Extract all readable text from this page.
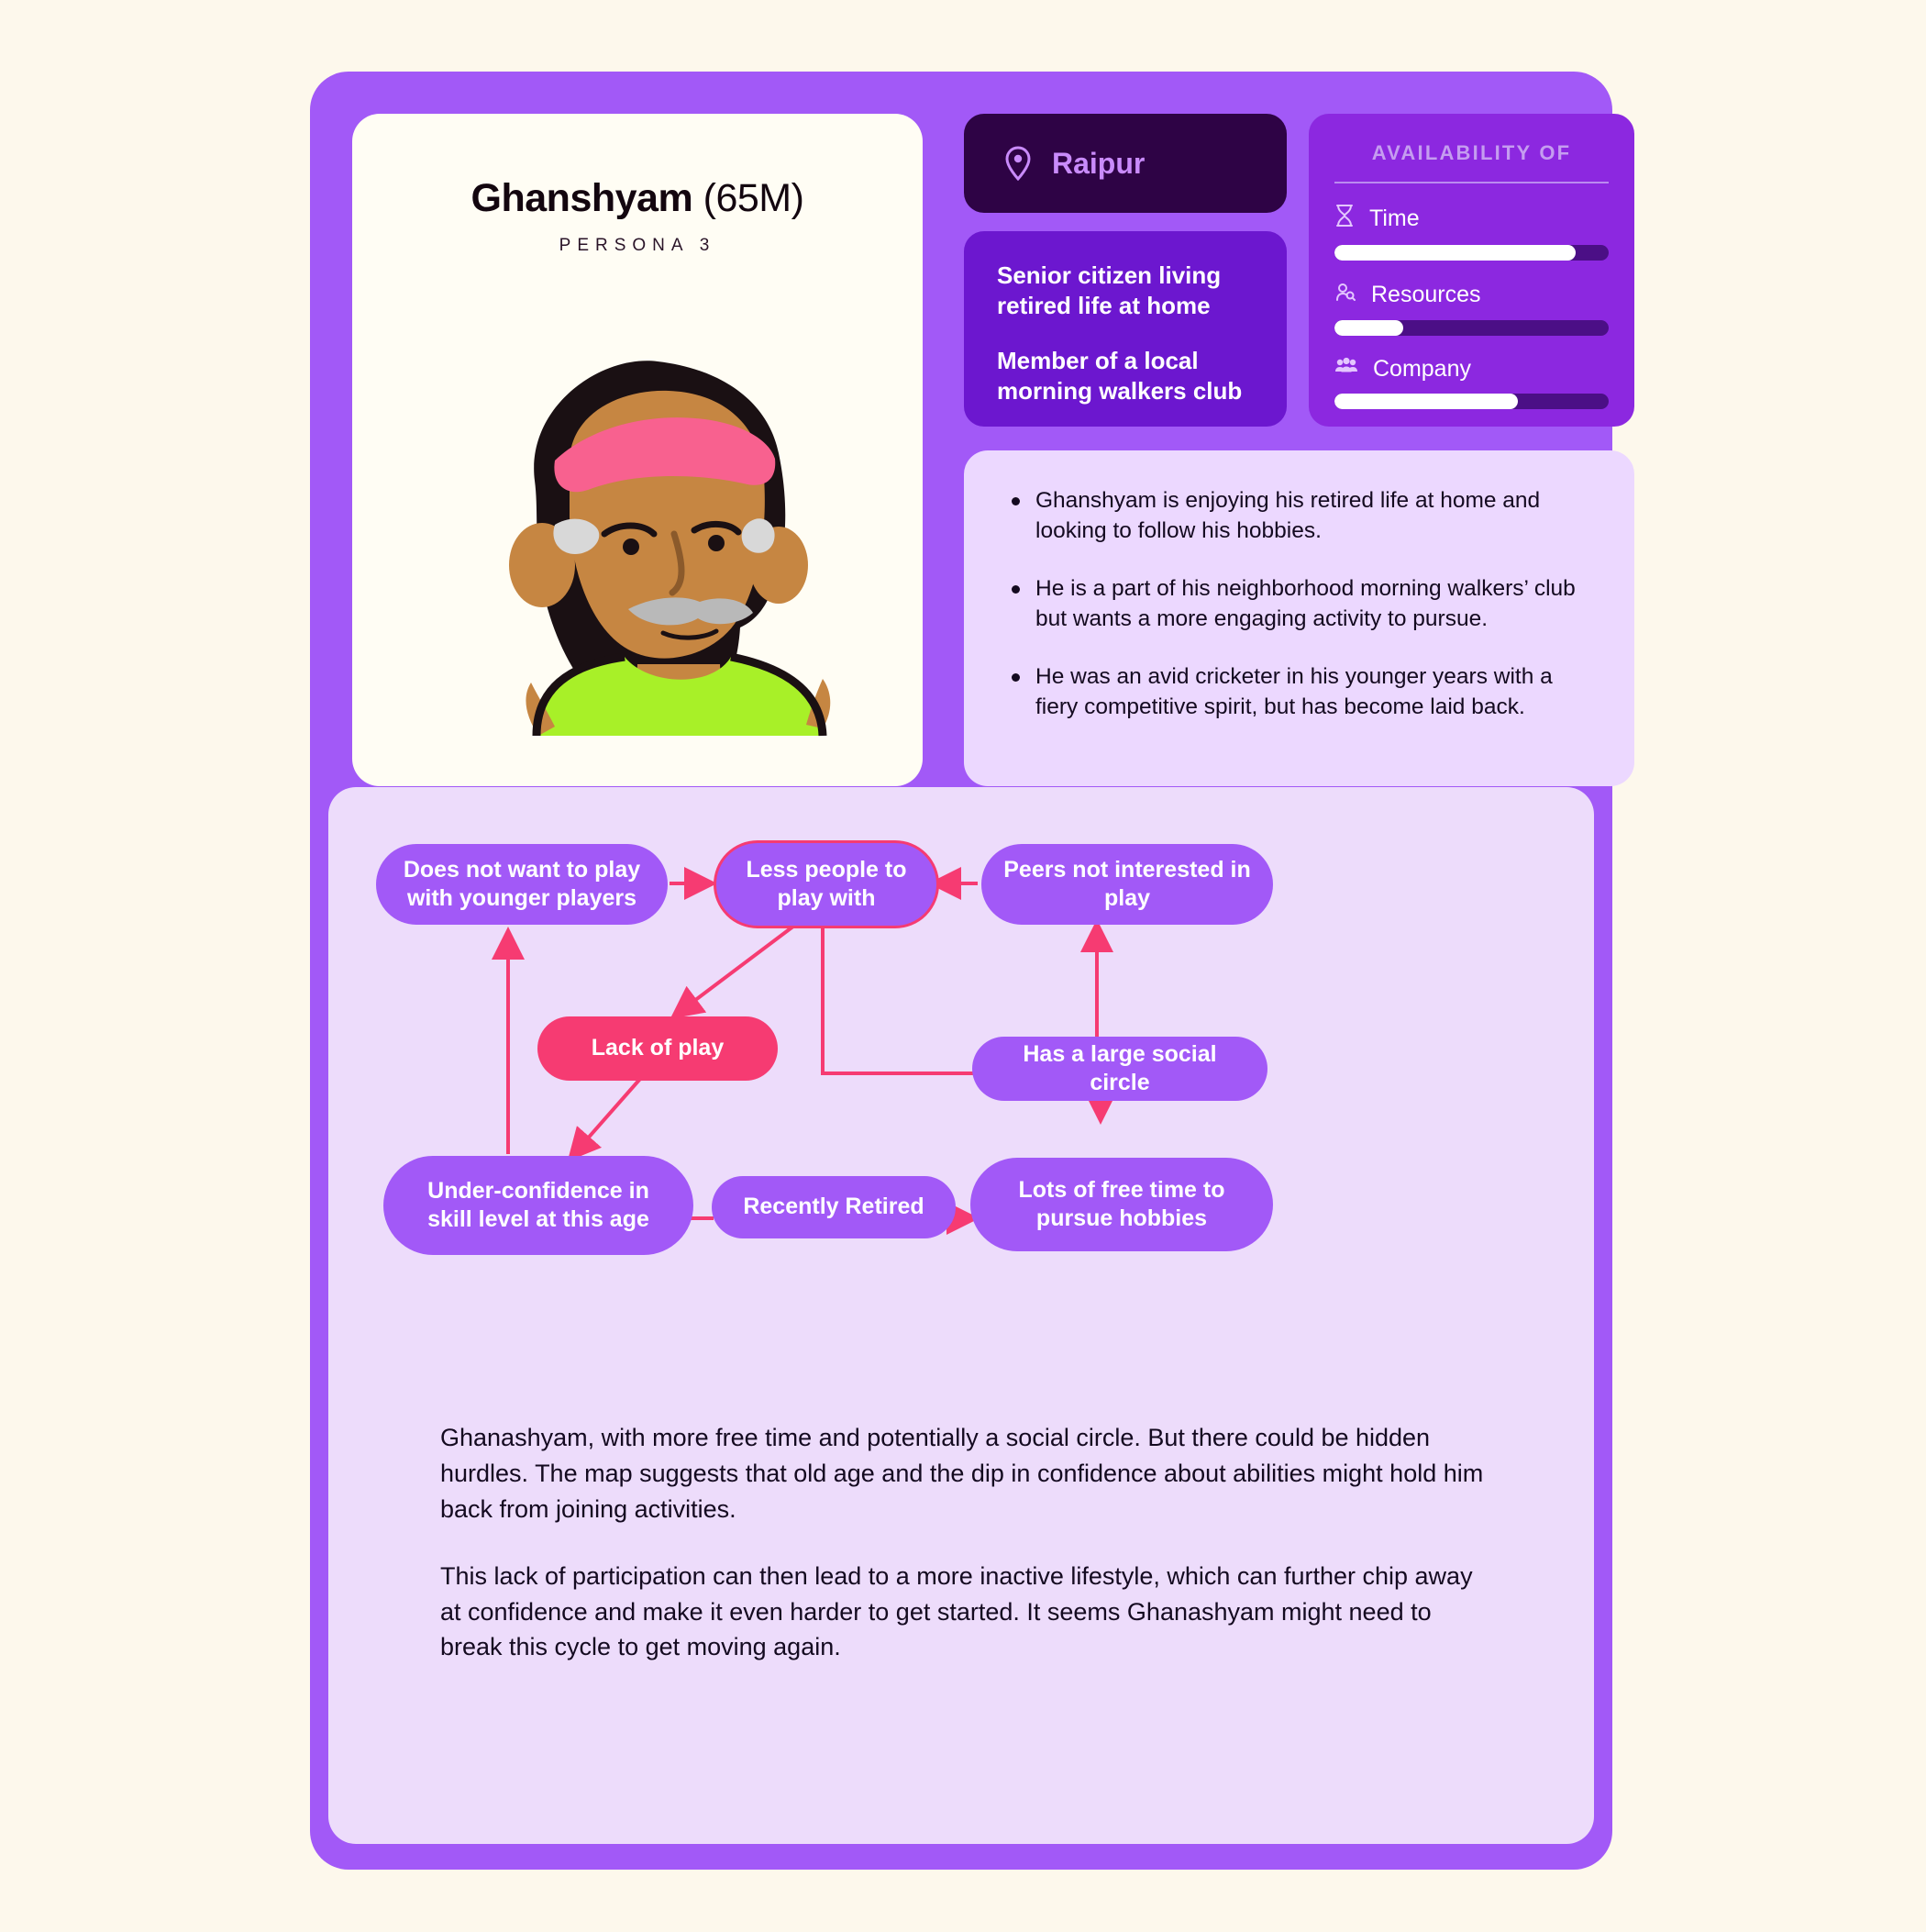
Ghanshyam (65M)
PERSONA 3
Raipur
Senior citizen living retired life at home
Member of a local morning walkers club
AVAILABILITY OF
Time
Resources
Company
Ghanshyam is enjoying his retired life at home and looking to follow his hobbies.
He is a part of his neighborhood morning walkers’ club but wants a more engaging activity to pursue.
He was an avid cricketer in his younger years with a fiery competitive spirit, but has become laid back.
Does not want to play with younger players
Less people to play with
Peers not interested in play
Lack of play	Has a large social circle
Under-confidence in skill level at this age	Recently Retired
Lots of free time to pursue hobbies

Ghanashyam, with more free time and potentially a social circle. But there could be hidden hurdles. The map suggests that old age and the dip in confidence about abilities might hold him back from joining activities.

This lack of participation can then lead to a more inactive lifestyle, which can further chip away at confidence and make it even harder to get started. It seems Ghanashyam might need to break this cycle to get moving again.
